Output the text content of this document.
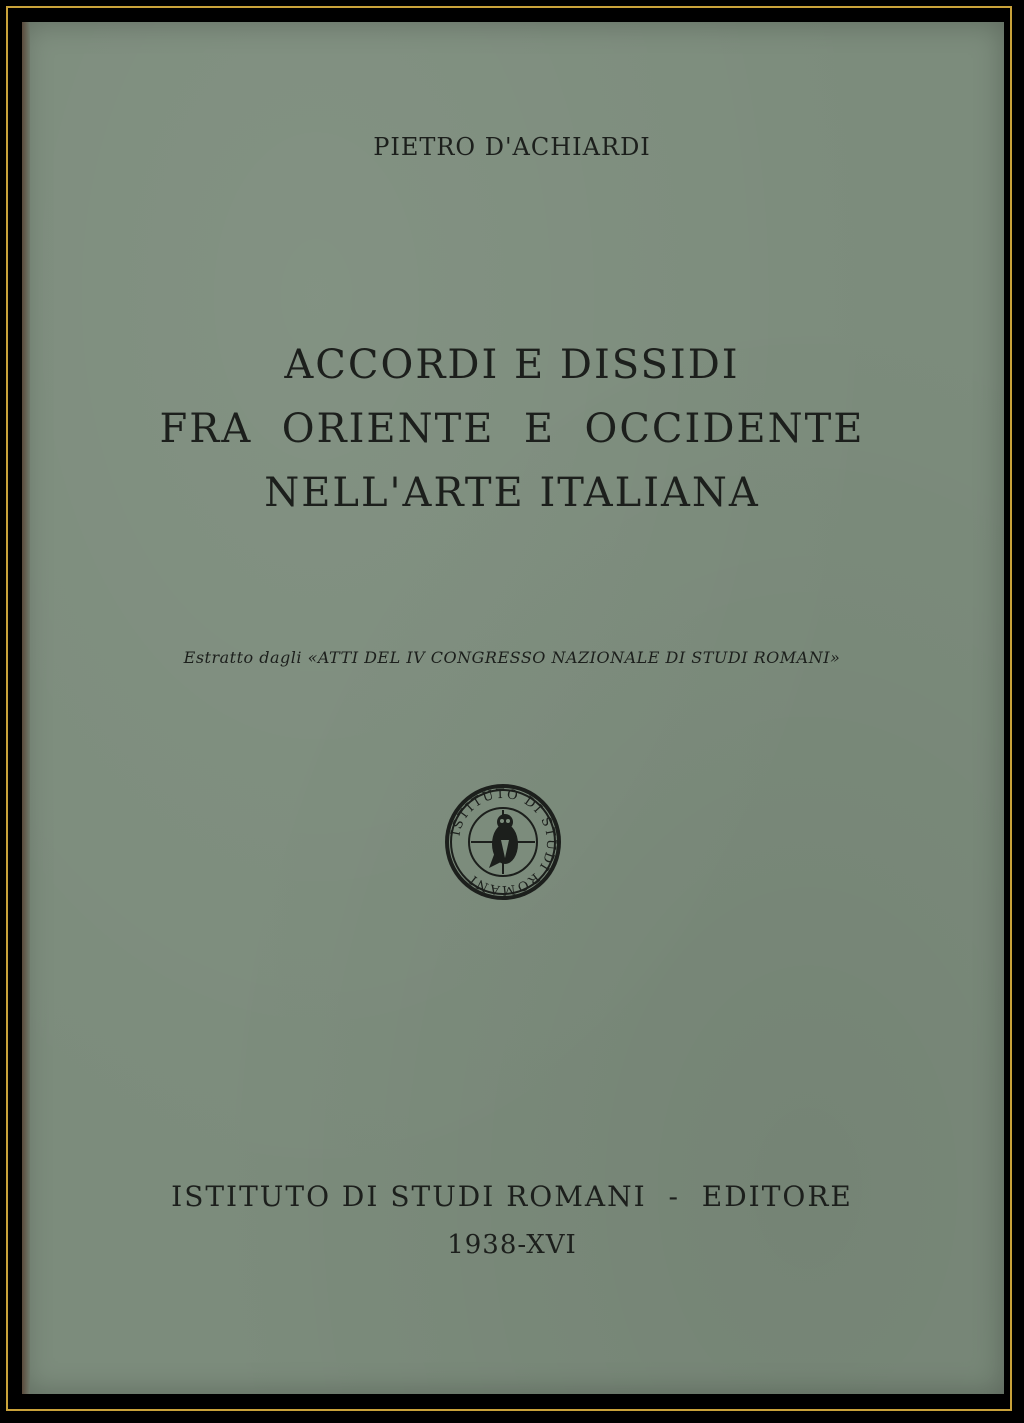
PIETRO D'ACHIARDI
ACCORDI E DISSIDI
FRA  ORIENTE  E  OCCIDENTE
NELL'ARTE ITALIANA
Estratto dagli «ATTI DEL IV CONGRESSO NAZIONALE DI STUDI ROMANI»
ISTITUTO DI STUDI ROMANI
ISTITUTO DI STUDI ROMANI  -  EDITORE
1938-XVI
